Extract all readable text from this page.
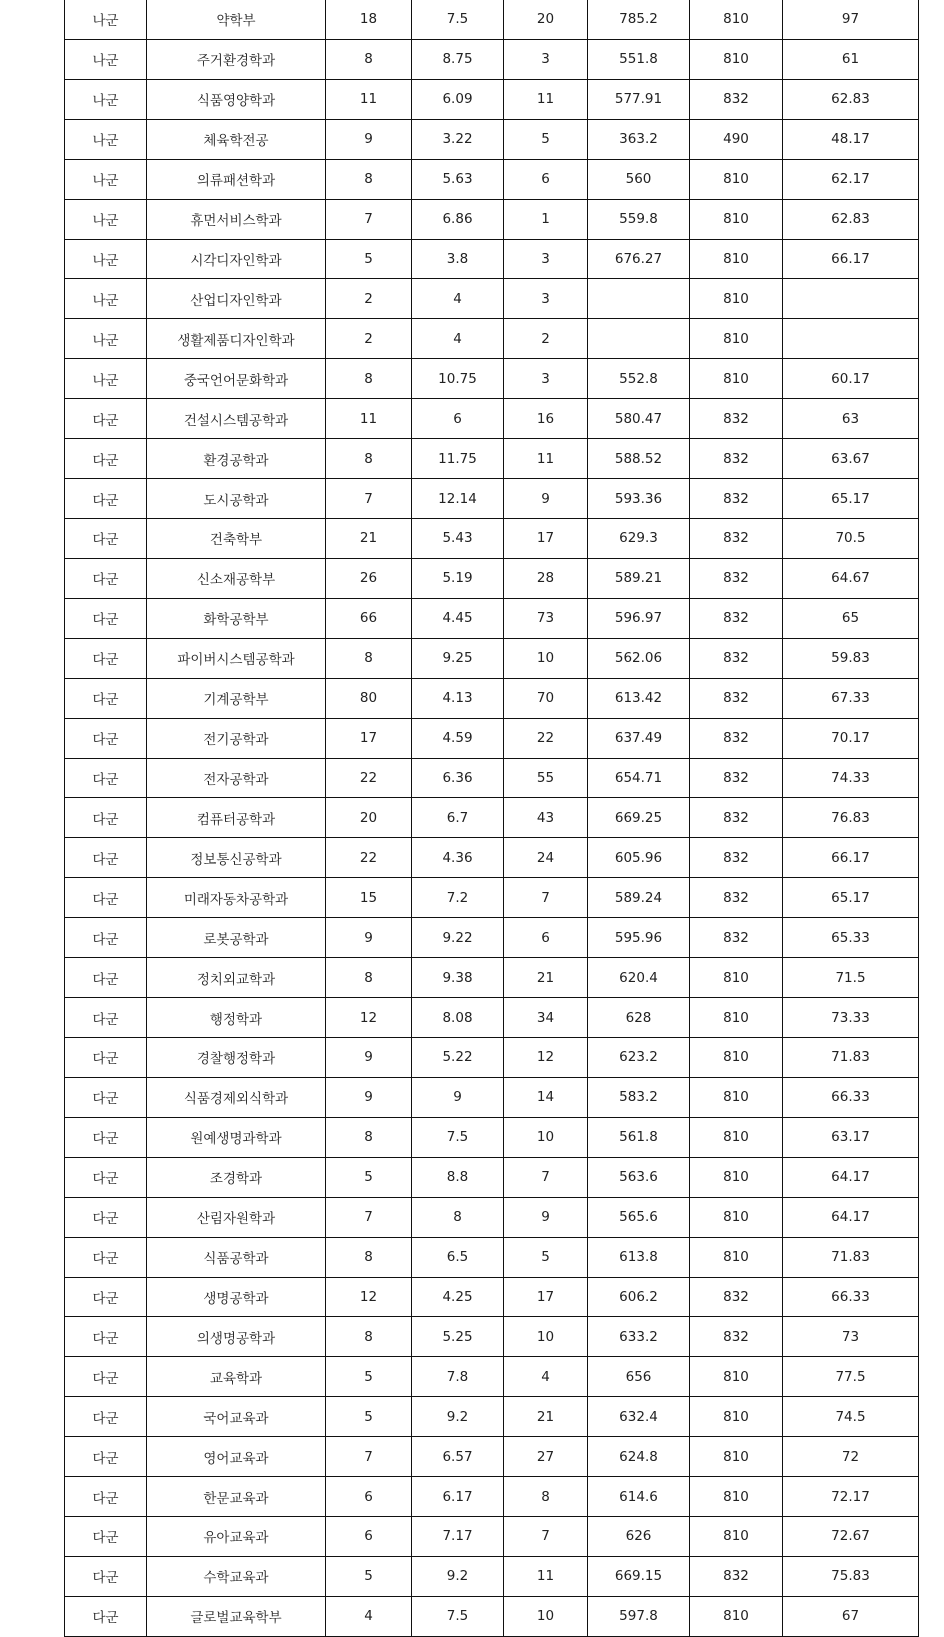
나군	약학부	18	7.5	20	785.2	810	97
나군	주거환경학과	8	8.75	3	551.8	810	61
나군	식품영양학과	11	6.09	11	577.91	832	62.83
나군	체육학전공	9	3.22	5	363.2	490	48.17
나군	의류패션학과	8	5.63	6	560	810	62.17
나군	휴먼서비스학과	7	6.86	1	559.8	810	62.83
나군	시각디자인학과	5	3.8	3	676.27	810	66.17
나군	산업디자인학과	2	4	3		810	
나군	생활제품디자인학과	2	4	2		810	
나군	중국언어문화학과	8	10.75	3	552.8	810	60.17
다군	건설시스템공학과	11	6	16	580.47	832	63
다군	환경공학과	8	11.75	11	588.52	832	63.67
다군	도시공학과	7	12.14	9	593.36	832	65.17
다군	건축학부	21	5.43	17	629.3	832	70.5
다군	신소재공학부	26	5.19	28	589.21	832	64.67
다군	화학공학부	66	4.45	73	596.97	832	65
다군	파이버시스템공학과	8	9.25	10	562.06	832	59.83
다군	기계공학부	80	4.13	70	613.42	832	67.33
다군	전기공학과	17	4.59	22	637.49	832	70.17
다군	전자공학과	22	6.36	55	654.71	832	74.33
다군	컴퓨터공학과	20	6.7	43	669.25	832	76.83
다군	정보통신공학과	22	4.36	24	605.96	832	66.17
다군	미래자동차공학과	15	7.2	7	589.24	832	65.17
다군	로봇공학과	9	9.22	6	595.96	832	65.33
다군	정치외교학과	8	9.38	21	620.4	810	71.5
다군	행정학과	12	8.08	34	628	810	73.33
다군	경찰행정학과	9	5.22	12	623.2	810	71.83
다군	식품경제외식학과	9	9	14	583.2	810	66.33
다군	원예생명과학과	8	7.5	10	561.8	810	63.17
다군	조경학과	5	8.8	7	563.6	810	64.17
다군	산림자원학과	7	8	9	565.6	810	64.17
다군	식품공학과	8	6.5	5	613.8	810	71.83
다군	생명공학과	12	4.25	17	606.2	832	66.33
다군	의생명공학과	8	5.25	10	633.2	832	73
다군	교육학과	5	7.8	4	656	810	77.5
다군	국어교육과	5	9.2	21	632.4	810	74.5
다군	영어교육과	7	6.57	27	624.8	810	72
다군	한문교육과	6	6.17	8	614.6	810	72.17
다군	유아교육과	6	7.17	7	626	810	72.67
다군	수학교육과	5	9.2	11	669.15	832	75.83
다군	글로벌교육학부	4	7.5	10	597.8	810	67
